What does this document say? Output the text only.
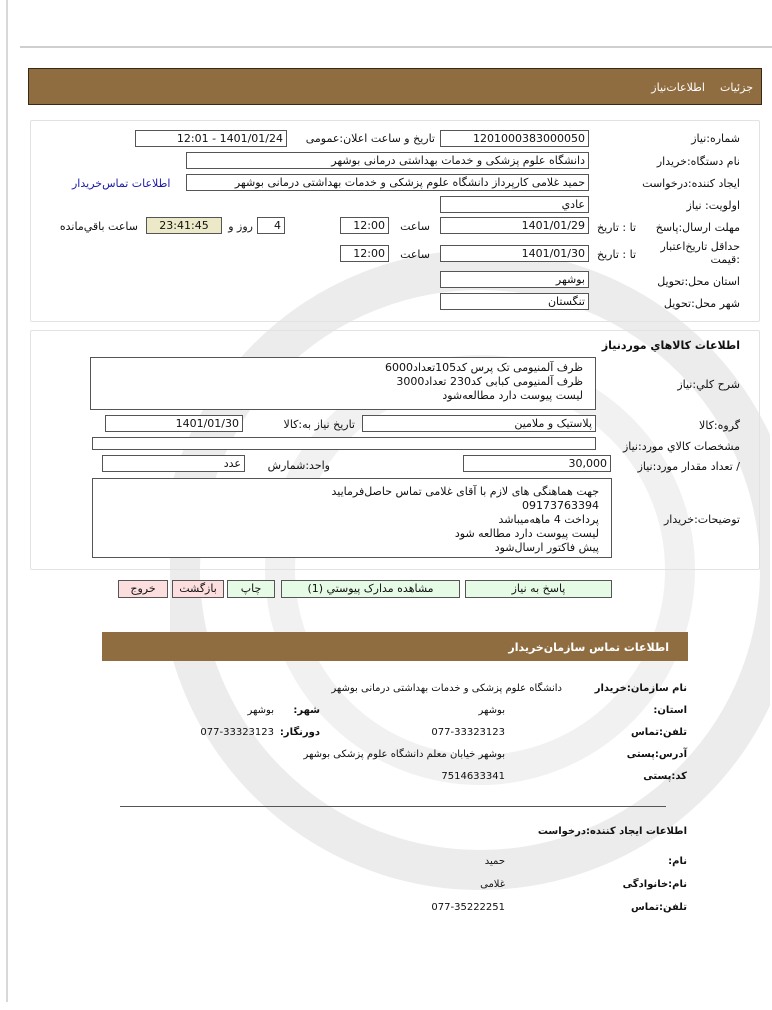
جزئیات
اطلاعات‌نیاز
شماره:نیاز
1201000383000050
تاریخ و ساعت اعلان:عمومی
1401/01/24 - 12:01
نام دستگاه:خریدار
دانشگاه علوم پزشکی و خدمات بهداشتی درمانی بوشهر
ایجاد کننده:درخواست
حمید غلامی کارپرداز دانشگاه علوم پزشکی و خدمات بهداشتی درمانی بوشهر
اطلاعات تماس‌خریدار
اولویت: نیاز
عادي
مهلت ارسال:پاسخ
تا : تاریخ
1401/01/29
ساعت
12:00
4
روز و
23:41:45
ساعت باقي‌مانده
حداقل تاریخ‌اعتبار :قیمت
تا : تاریخ
1401/01/30
ساعت
12:00
استان محل:تحویل
بوشهر
شهر محل:تحویل
تنگستان
اطلاعات کالاهاي موردنياز
شرح کلي:نياز
ظرف آلمنیومی تک پرس کد105تعداد6000
ظرف آلمنیومی کبابی کد230 تعداد3000
لیست پیوست دارد مطالعه‌شود
گروه:کالا
پلاستیک و ملامین
تاریخ نیاز به:کالا
1401/01/30
مشخصات کالاي مورد:نياز
/ تعداد مقدار مورد:نیاز
30,000
واحد:شمارش
عدد
توضیحات:خریدار
جهت هماهنگی های لازم با آقای غلامی تماس حاصل‌فرمایید
09173763394
پرداخت 4 ماهه‌میباشد
لیست پیوست دارد مطالعه شود
پیش فاکتور ارسال‌شود
پاسخ به نیاز
مشاهده مدارک پیوستي (1)
چاپ
بازگشت
خروج
اطلاعات تماس سازمان‌خریدار
نام سازمان:خریدار
دانشگاه علوم پزشکی و خدمات بهداشتی درمانی بوشهر
استان:
بوشهر
شهر:
بوشهر
تلفن:تماس
077-33323123
دورنگار:
077-33323123
آدرس:پستی
بوشهر خیابان معلم دانشگاه علوم پزشکی بوشهر
کد:پستی
7514633341
اطلاعات ایجاد کننده:درخواست
نام:
حمید
نام:خانوادگی
غلامی
تلفن:تماس
077-35222251
